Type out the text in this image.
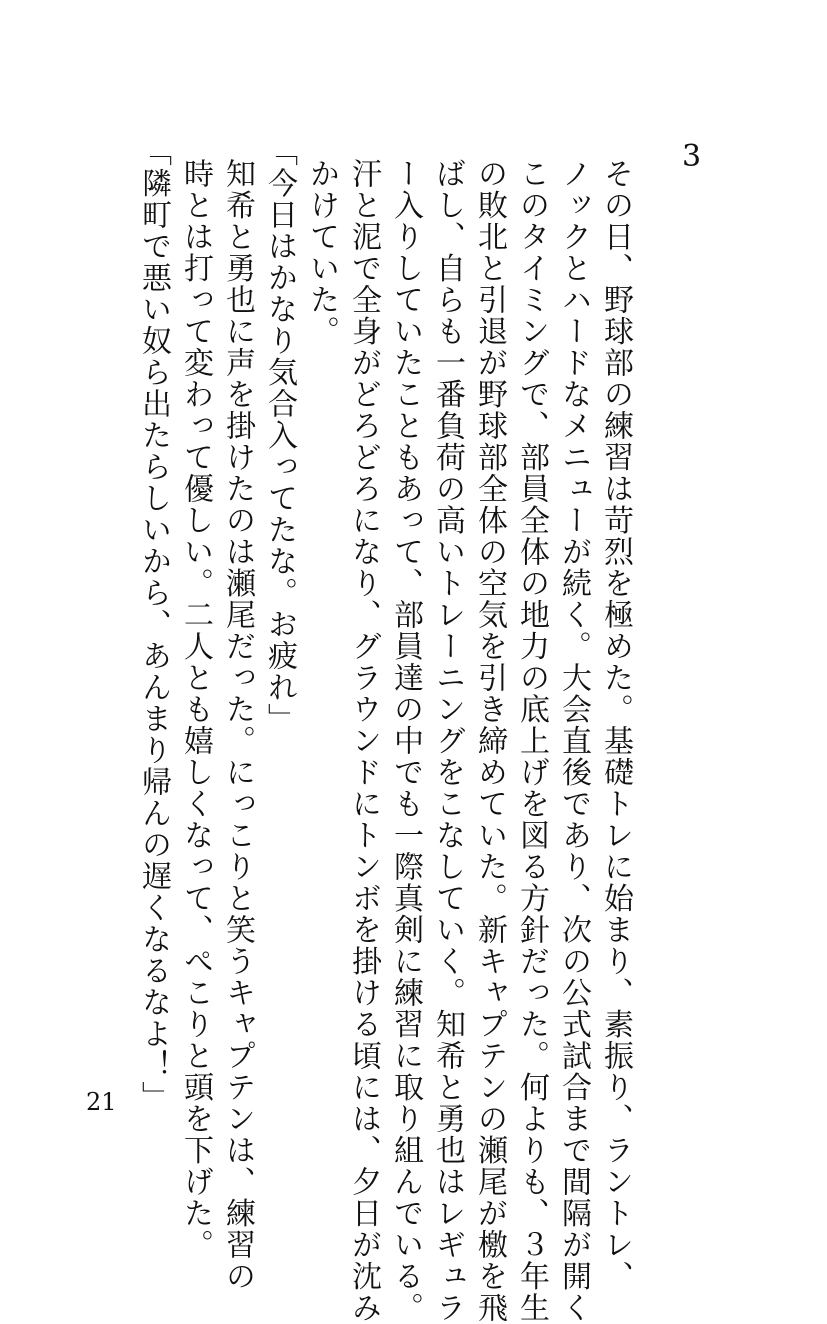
3
その日、野球部の練習は苛烈を極めた。基礎トレに始まり、素振り、ラントレ、
ノックとハードなメニューが続く。大会直後であり、次の公式試合まで間隔が開く
このタイミングで、部員全体の地力の底上げを図る方針だった。何よりも、３年生
の敗北と引退が野球部全体の空気を引き締めていた。新キャプテンの瀬尾が檄を飛
ばし、自らも一番負荷の高いトレーニングをこなしていく。知希と勇也はレギュラ
ー入りしていたこともあって、部員達の中でも一際真剣に練習に取り組んでいる。
汗と泥で全身がどろどろになり、グラウンドにトンボを掛ける頃には、夕日が沈み
かけていた。
「今日はかなり気合入ってたな。お疲れ」
知希と勇也に声を掛けたのは瀬尾だった。にっこりと笑うキャプテンは、練習の
時とは打って変わって優しい。二人とも嬉しくなって、ぺこりと頭を下げた。
「隣町で悪い奴ら出たらしいから、あんまり帰んの遅くなるなよ！」
21
